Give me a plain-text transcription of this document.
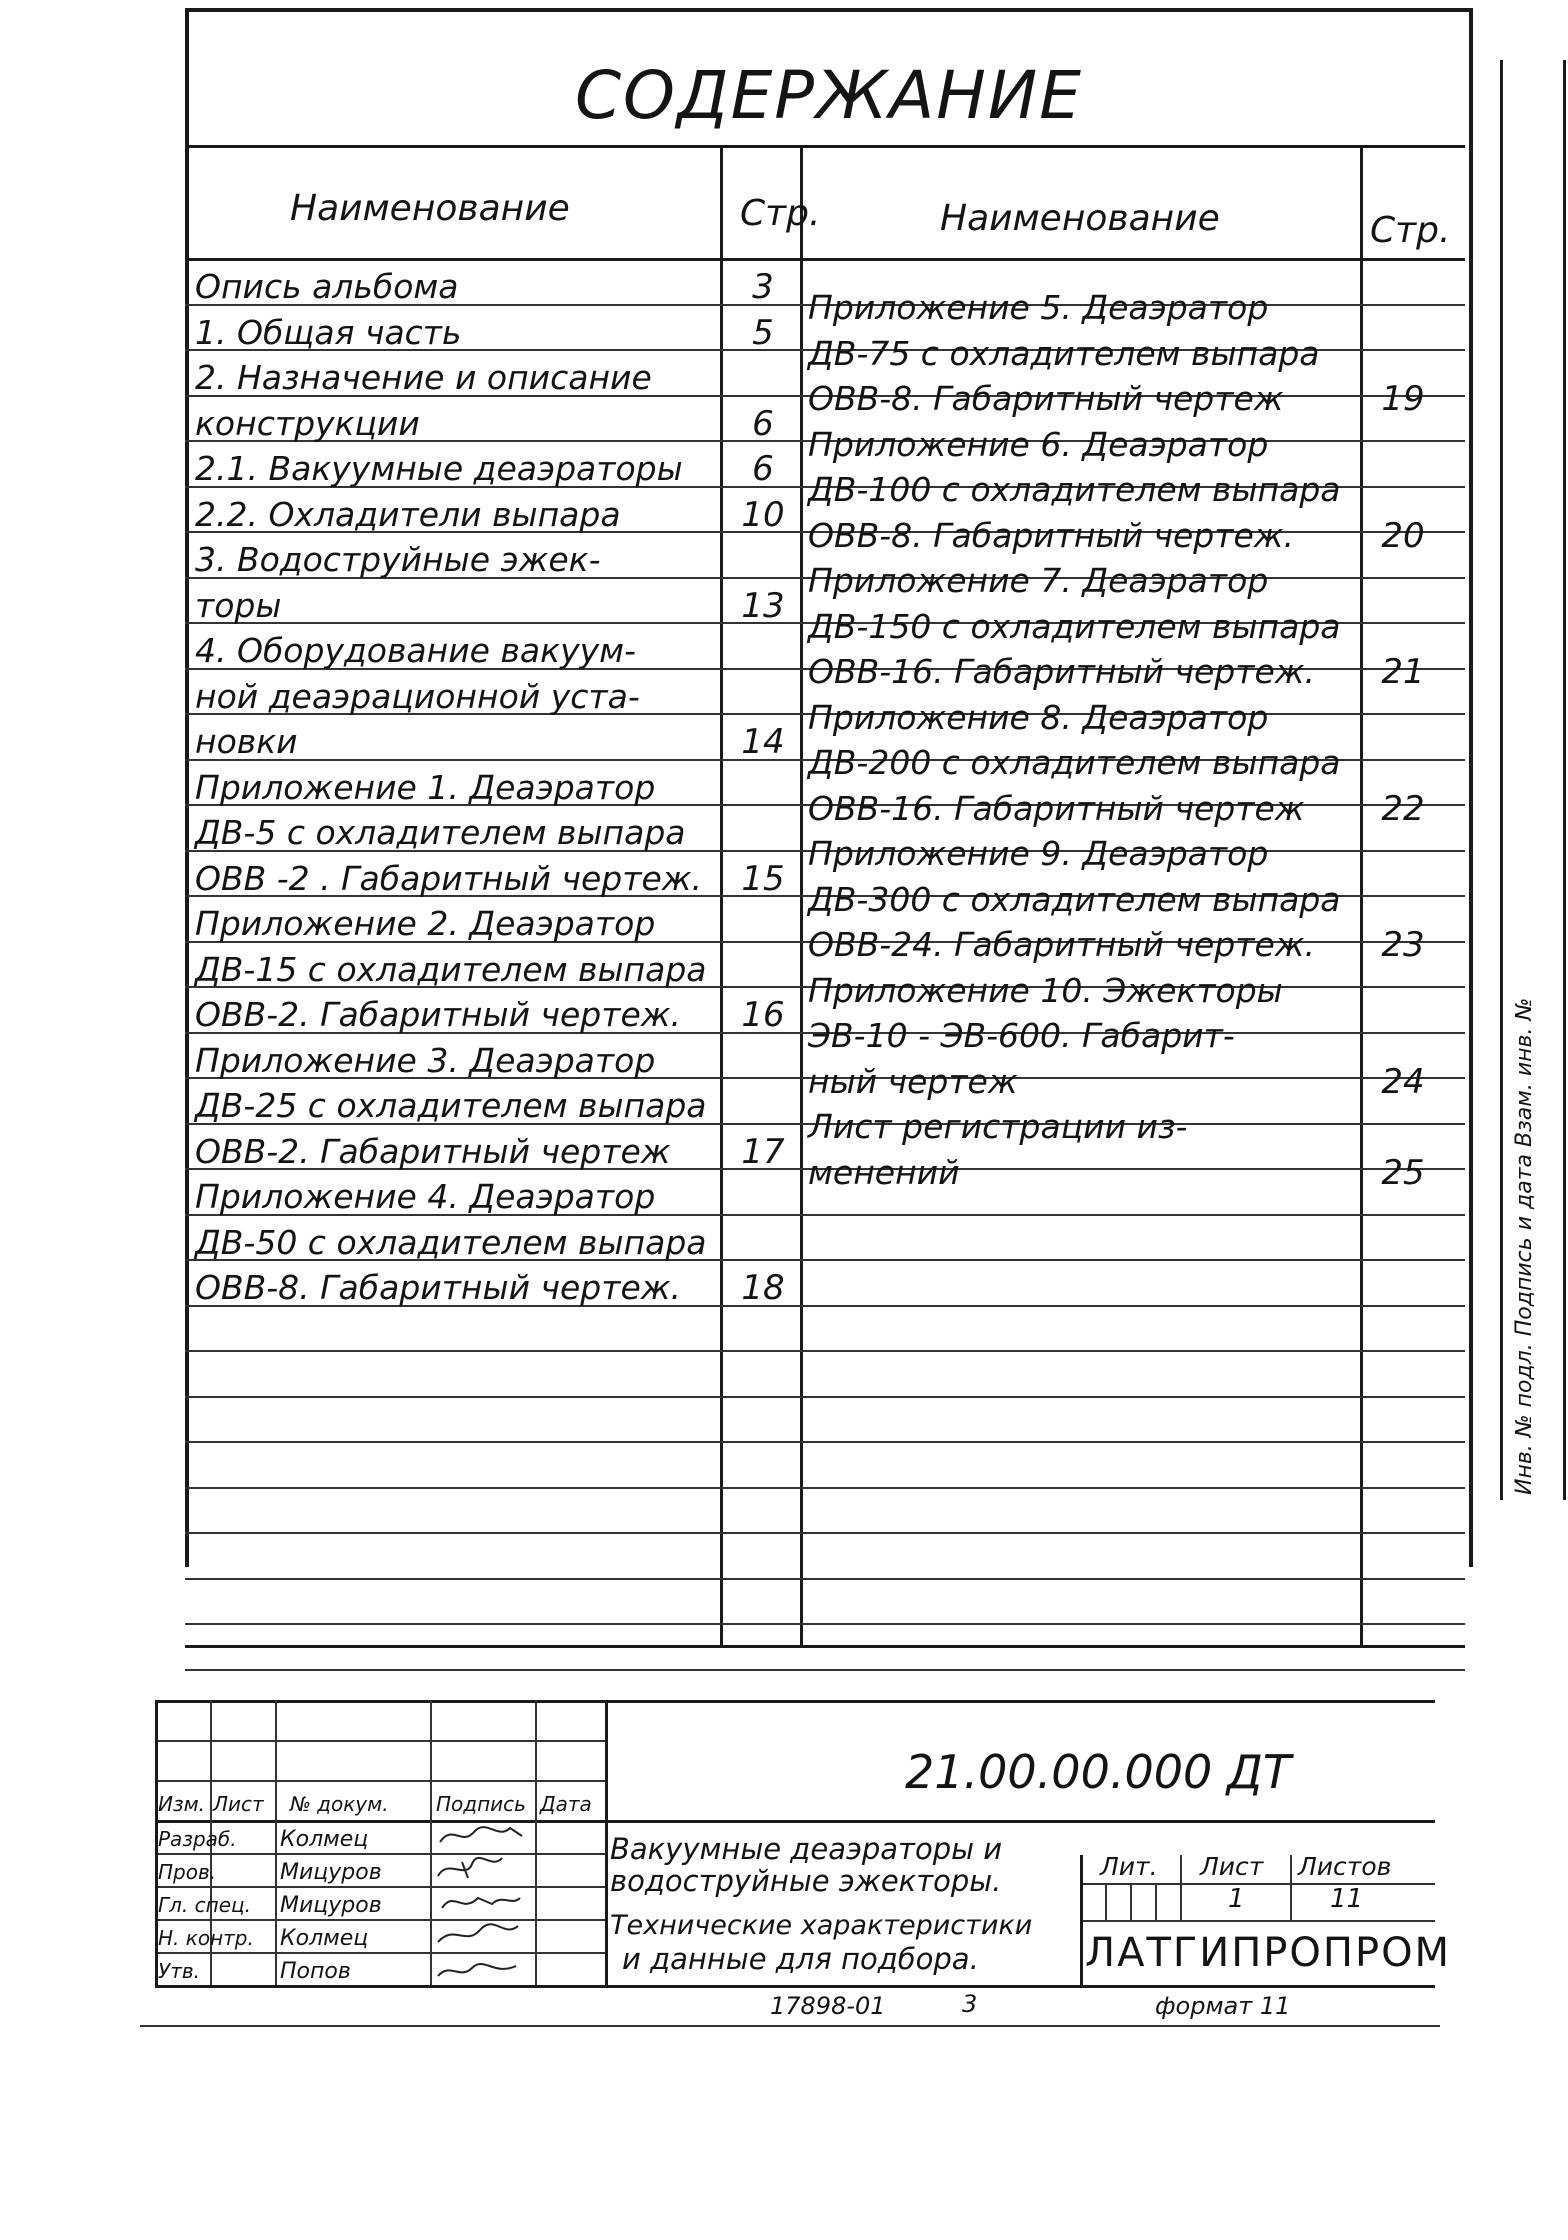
СОДЕРЖАНИЕ
Инв. № подл. Подпись и дата Взам. инв. №
Наименование	Стр.	Наименование	Стр.
Опись альбома	3
1. Общая часть	5
2. Назначение и описание
конструкции	6
2.1. Вакуумные деаэраторы	6
2.2. Охладители выпара	10
3. Водоструйные эжек-
торы	13
4. Оборудование вакуум-
ной деаэрационной уста-
новки	14
Приложение 1. Деаэратор
ДВ-5 с охладителем выпара
ОВВ -2 . Габаритный чертеж.	15
Приложение 2. Деаэратор
ДВ-15 с охладителем выпара
ОВВ-2. Габаритный чертеж.	16
Приложение 3. Деаэратор
ДВ-25 с охладителем выпара
ОВВ-2. Габаритный чертеж	17
Приложение 4. Деаэратор
ДВ-50 с охладителем выпара
ОВВ-8. Габаритный чертеж.	18
Приложение 5. Деаэратор
ДВ-75 с охладителем выпара
ОВВ-8. Габаритный чертеж	19
Приложение 6. Деаэратор
ДВ-100 с охладителем выпара
ОВВ-8. Габаритный чертеж.	20
Приложение 7. Деаэратор
ДВ-150 с охладителем выпара
ОВВ-16. Габаритный чертеж.	21
Приложение 8. Деаэратор
ДВ-200 с охладителем выпара
ОВВ-16. Габаритный чертеж	22
Приложение 9. Деаэратор
ДВ-300 с охладителем выпара
ОВВ-24. Габаритный чертеж.	23
Приложение 10. Эжекторы
ЭВ-10 - ЭВ-600. Габарит-
ный чертеж	24
Лист регистрации из-
менений	25
Изм. Лист № докум. Подпись Дата
Разраб. Колмец
Пров.	Мицуров
Гл. спец. Мицуров
Н. контр. Колмец
Утв.	Попов
21.00.00.000 ДТ
Вакуумные деаэраторы и
водоструйные эжекторы.
Технические характеристики
и данные для подбора.
Лит. Лист Листов
1	11
ЛАТГИПРОПРОМ
17898-01	3	формат 11
